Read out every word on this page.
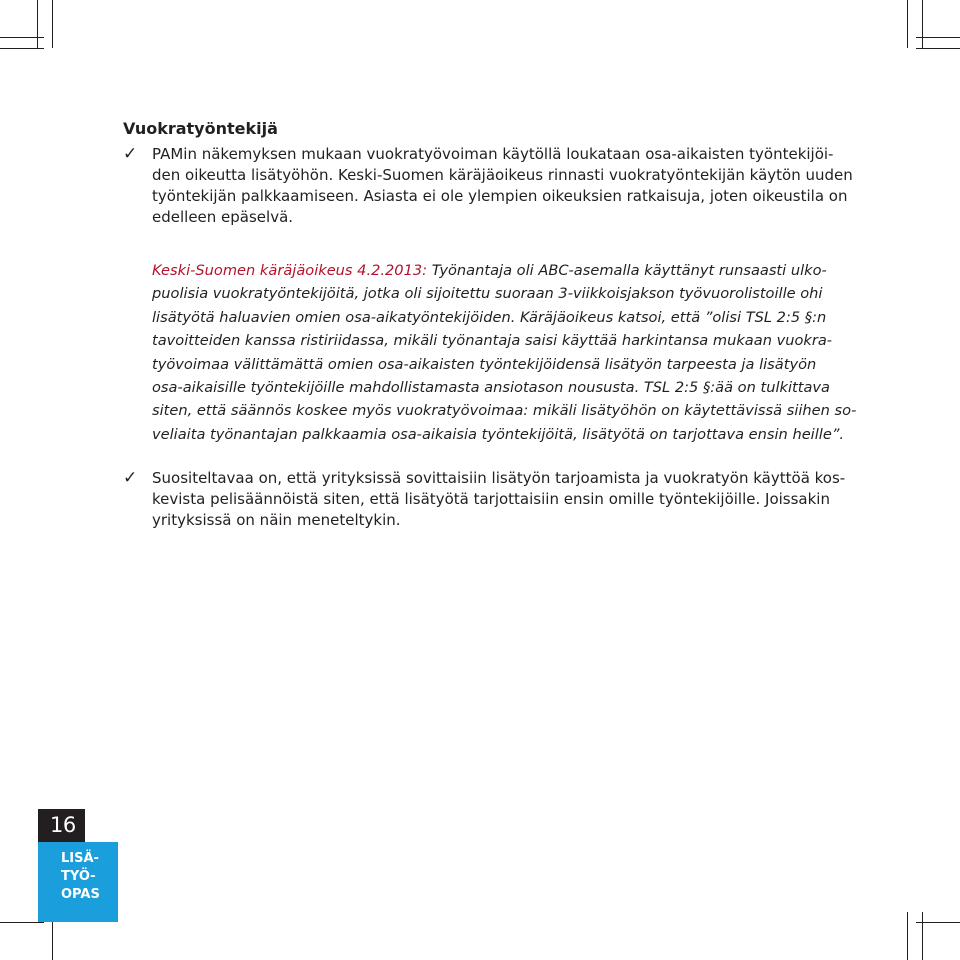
Vuokratyöntekijä
✓ PAMin näkemyksen mukaan vuokratyövoiman käytöllä loukataan osa-aikaisten työntekijöi-
den oikeutta lisätyöhön. Keski-Suomen käräjäoikeus rinnasti vuokratyöntekijän käytön uuden
työntekijän palkkaamiseen. Asiasta ei ole ylempien oikeuksien ratkaisuja, joten oikeustila on
edelleen epäselvä.
Keski-Suomen käräjäoikeus 4.2.2013: Työnantaja oli ABC-asemalla käyttänyt runsaasti ulko-
puolisia vuokratyöntekijöitä, jotka oli sijoitettu suoraan 3-viikkoisjakson työvuorolistoille ohi
lisätyötä haluavien omien osa-aikatyöntekijöiden. Käräjäoikeus katsoi, että ”olisi TSL 2:5 §:n
tavoitteiden kanssa ristiriidassa, mikäli työnantaja saisi käyttää harkintansa mukaan vuokra-
työvoimaa välittämättä omien osa-aikaisten työntekijöidensä lisätyön tarpeesta ja lisätyön
osa-aikaisille työntekijöille mahdollistamasta ansiotason noususta. TSL 2:5 §:ää on tulkittava
siten, että säännös koskee myös vuokratyövoimaa: mikäli lisätyöhön on käytettävissä siihen so-
veliaita työnantajan palkkaamia osa-aikaisia työntekijöitä, lisätyötä on tarjottava ensin heille”.
✓ Suositeltavaa on, että yrityksissä sovittaisiin lisätyön tarjoamista ja vuokratyön käyttöä kos-
kevista pelisäännöistä siten, että lisätyötä tarjottaisiin ensin omille työntekijöille. Joissakin
yrityksissä on näin meneteltykin.
16
LISÄ-
TYÖ-
OPAS
